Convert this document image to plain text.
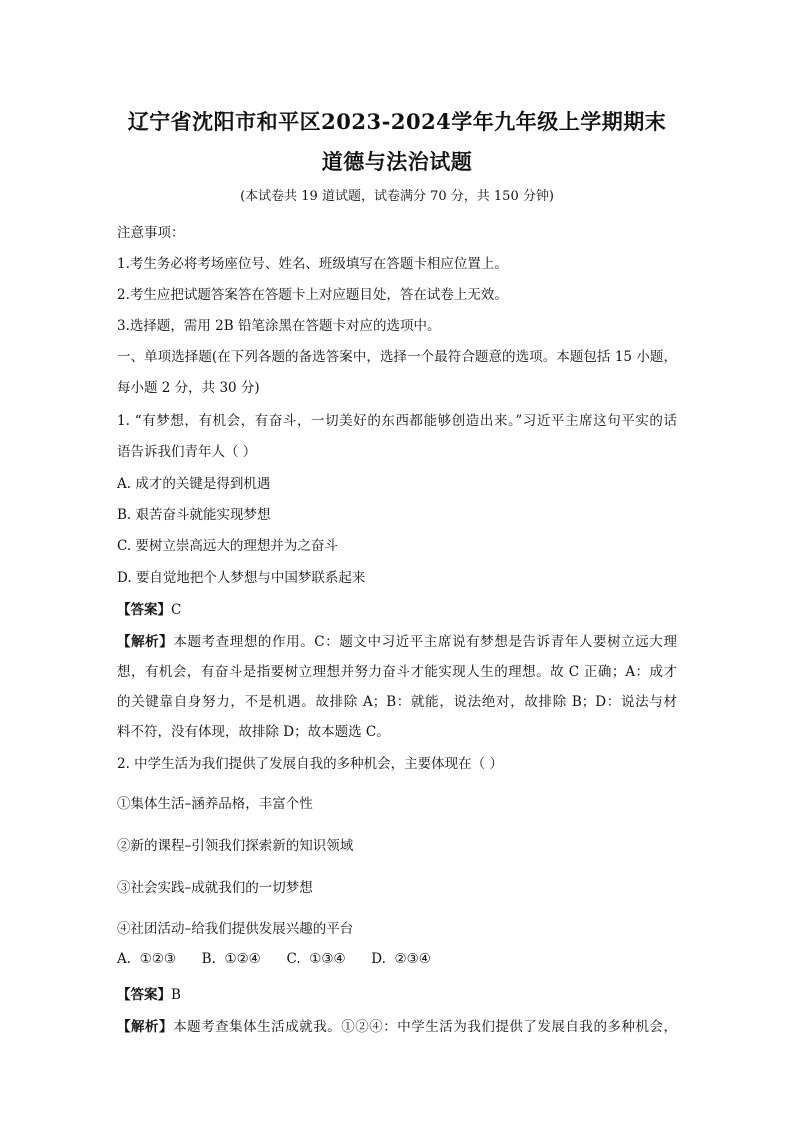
辽宁省沈阳市和平区2023-2024学年九年级上学期期末
道德与法治试题
(本试卷共 19 道试题，试卷满分 70 分，共 150 分钟)
注意事项：
1.考生务必将考场座位号、姓名、班级填写在答题卡相应位置上。
2.考生应把试题答案答在答题卡上对应题目处，答在试卷上无效。
3.选择题，需用 2B 铅笔涂黑在答题卡对应的选项中。
一、单项选择题(在下列各题的备选答案中，选择一个最符合题意的选项。本题包括 15 小题，
每小题 2 分，共 30 分)
1. “有梦想，有机会，有奋斗，一切美好的东西都能够创造出来。”习近平主席这句平实的话
语告诉我们青年人（ ）
A. 成才的关键是得到机遇
B. 艰苦奋斗就能实现梦想
C. 要树立崇高远大的理想并为之奋斗
D. 要自觉地把个人梦想与中国梦联系起来
【答案】C
【解析】本题考查理想的作用。C：题文中习近平主席说有梦想是告诉青年人要树立远大理
想，有机会，有奋斗是指要树立理想并努力奋斗才能实现人生的理想。故 C 正确；A：成才
的关键靠自身努力，不是机遇。故排除 A；B：就能，说法绝对，故排除 B；D：说法与材
料不符，没有体现，故排除 D；故本题选 C。
2. 中学生活为我们提供了发展自我的多种机会，主要体现在（ ）
①集体生活–涵养品格，丰富个性
②新的课程–引领我们探索新的知识领域
③社会实践–成就我们的一切梦想
④社团活动–给我们提供发展兴趣的平台
A.  ①②③      B.  ①②④      C.  ①③④      D.  ②③④
【答案】B
【解析】本题考查集体生活成就我。①②④：中学生活为我们提供了发展自我的多种机会，
